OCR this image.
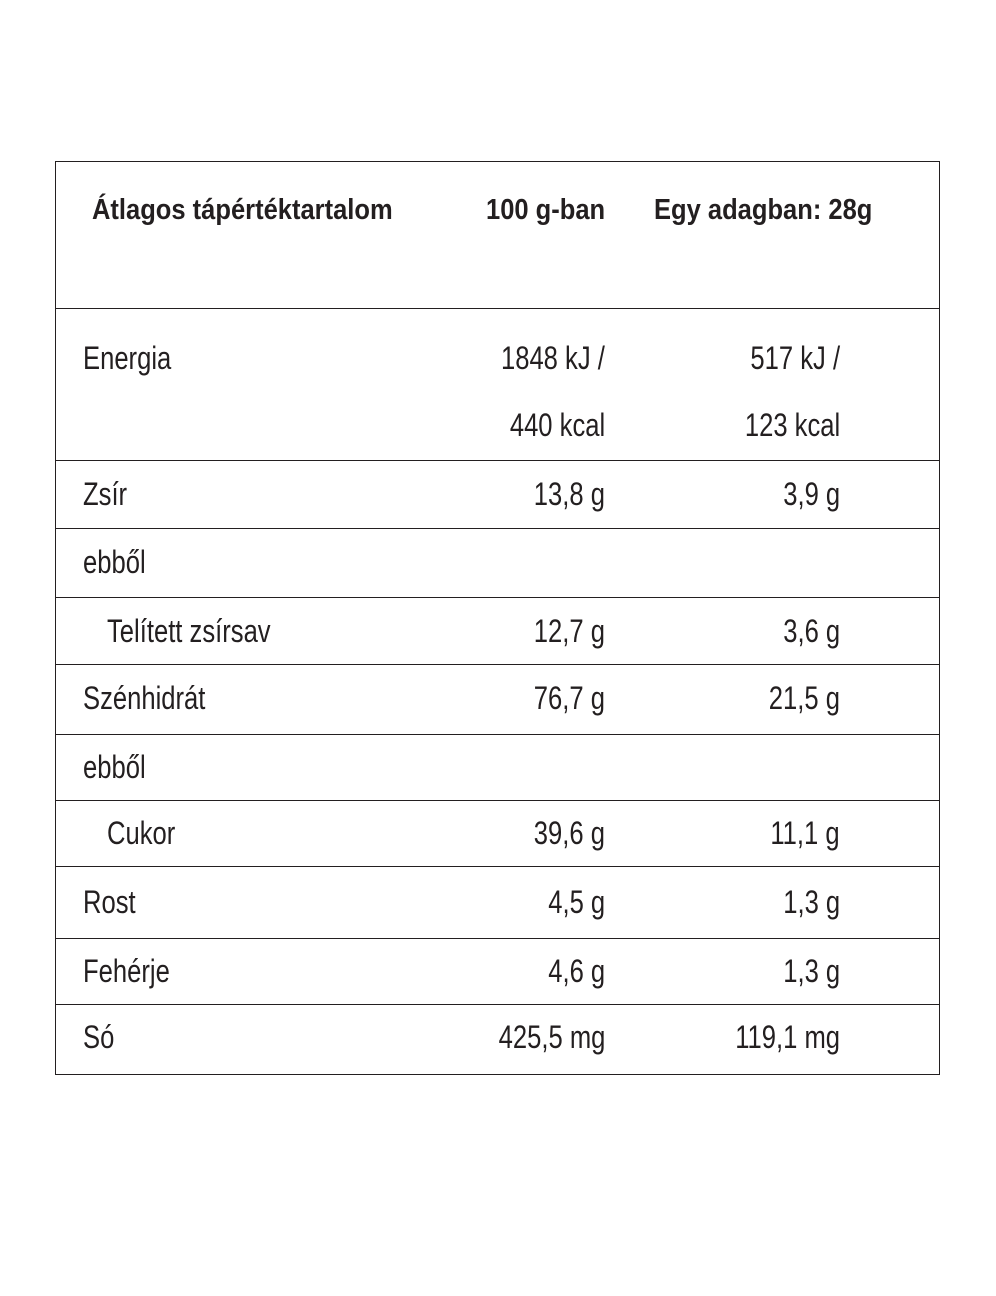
Átlagos tápértéktartalom	100 g-ban Egy adagban: 28g
Energia	1848 kJ /	517 kJ /
440 kcal	123 kcal
Zsír	13,8 g	3,9 g
ebből
Telített zsírsav	12,7 g	3,6 g
Szénhidrát	76,7 g	21,5 g
ebből
Cukor	39,6 g	11,1 g
Rost	4,5 g	1,3 g
Fehérje	4,6 g	1,3 g
Só	425,5 mg	119,1 mg
